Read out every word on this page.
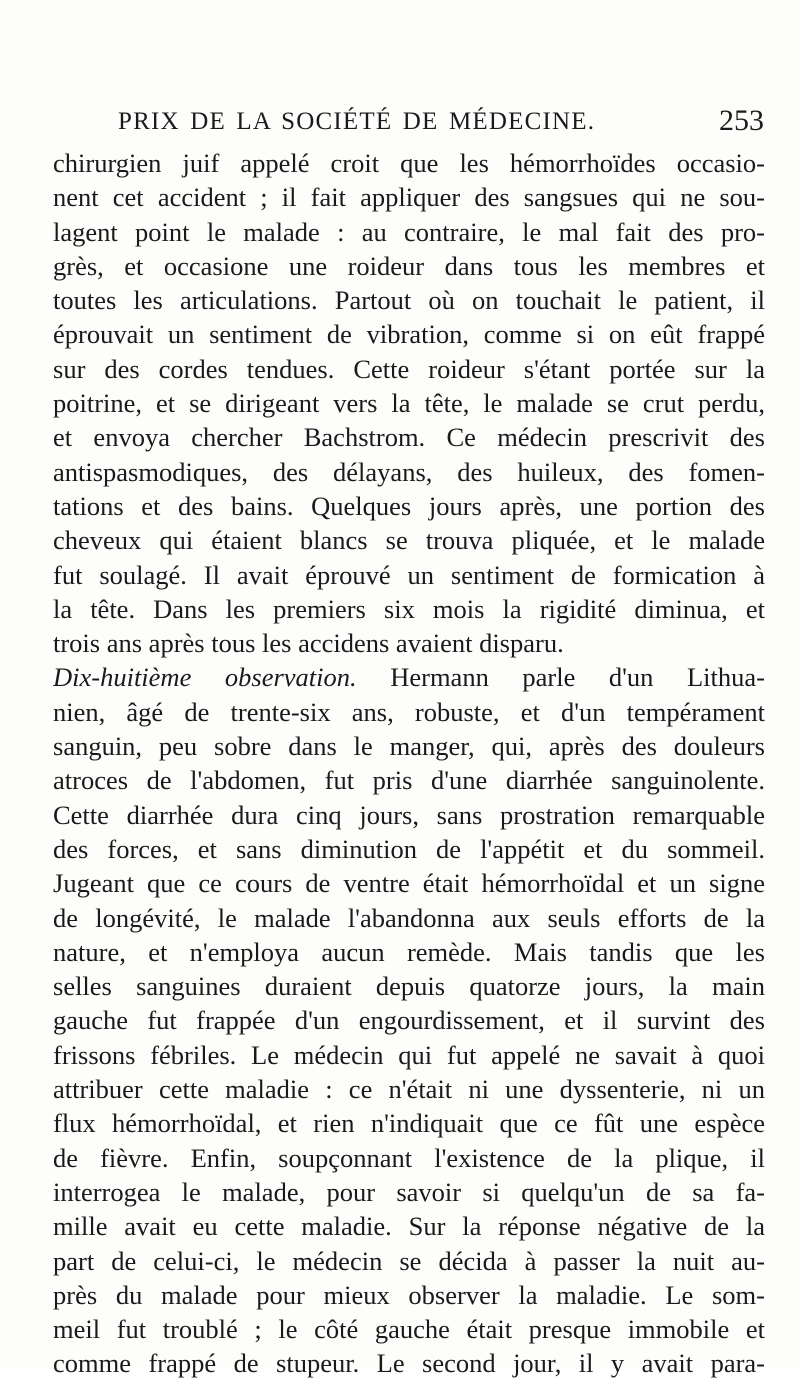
PRIX DE LA SOCIÉTÉ DE MÉDECINE.	253
chirurgien juif appelé croit que les hémorrhoïdes occasio-
nent cet accident ; il fait appliquer des sangsues qui ne sou-
lagent point le malade : au contraire, le mal fait des pro-
grès, et occasione une roideur dans tous les membres et
toutes les articulations. Partout où on touchait le patient, il
éprouvait un sentiment de vibration, comme si on eût frappé
sur des cordes tendues. Cette roideur s'étant portée sur la
poitrine, et se dirigeant vers la tête, le malade se crut perdu,
et envoya chercher Bachstrom. Ce médecin prescrivit des
antispasmodiques, des délayans, des huileux, des fomen-
tations et des bains. Quelques jours après, une portion des
cheveux qui étaient blancs se trouva pliquée, et le malade
fut soulagé. Il avait éprouvé un sentiment de formication à
la tête. Dans les premiers six mois la rigidité diminua, et
trois ans après tous les accidens avaient disparu.
Dix-huitième observation. Hermann parle d'un Lithua-
nien, âgé de trente-six ans, robuste, et d'un tempérament
sanguin, peu sobre dans le manger, qui, après des douleurs
atroces de l'abdomen, fut pris d'une diarrhée sanguinolente.
Cette diarrhée dura cinq jours, sans prostration remarquable
des forces, et sans diminution de l'appétit et du sommeil.
Jugeant que ce cours de ventre était hémorrhoïdal et un signe
de longévité, le malade l'abandonna aux seuls efforts de la
nature, et n'employa aucun remède. Mais tandis que les
selles sanguines duraient depuis quatorze jours, la main
gauche fut frappée d'un engourdissement, et il survint des
frissons fébriles. Le médecin qui fut appelé ne savait à quoi
attribuer cette maladie : ce n'était ni une dyssenterie, ni un
flux hémorrhoïdal, et rien n'indiquait que ce fût une espèce
de fièvre. Enfin, soupçonnant l'existence de la plique, il
interrogea le malade, pour savoir si quelqu'un de sa fa-
mille avait eu cette maladie. Sur la réponse négative de la
part de celui-ci, le médecin se décida à passer la nuit au-
près du malade pour mieux observer la maladie. Le som-
meil fut troublé ; le côté gauche était presque immobile et
comme frappé de stupeur. Le second jour, il y avait para-
